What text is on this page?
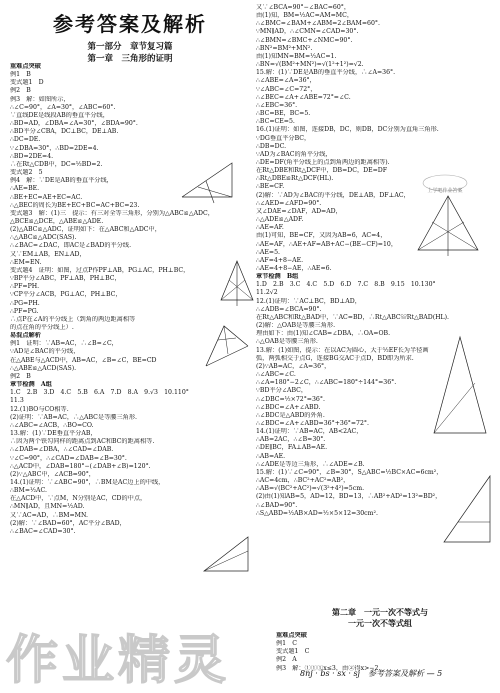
参考答案及解析
第一部分　章节复习篇
第一章　三角形的证明
重难点突破
例1　B
变式题1　D
例2　B
例3　解：如图所示，
∴∠C=90°，∠A=30°，∠ABC=60°.
∵直线DE是线段AB的垂直平分线，
∴BD=AD，∠DBA=∠A=30°，∠BDA=90°.
∴BD平分∠CBA，DC⊥BC，DE⊥AB.
∴DC=DE.
∵∠DBA=30°，∴BD=2DE=4.
∴BD=2DE=4.
∴在Rt△CDB中，DC=½BD=2.
变式题2　5
例4　解：∵DE是AB的垂直平分线，
∴AE=BE.
∴BE+EC=AE+EC=AC.
∴△BEC的周长为BE+EC+BC=AC+BC=23.
变式题3　解：(1)三　提示：有三对全等三角形，分别为△ABC≌△ADC，
△BCE≌△DCE，△ABE≌△ADE.
(2)△ABC≌△ADC，证明如下：在△ABC和△ADC中，
∴△ABC≌△ADC(SAS).
∴∠BAC=∠DAC，即AC是∠BAD的平分线.
又∵EM⊥AB，EN⊥AD，
∴EM=EN.
变式题4　证明：如图，过点P作PF⊥AB，PG⊥AC，PH⊥BC，
∵BP平分∠ABC，PF⊥AB，PH⊥BC，
∴PF=PH.
∵CP平分∠ACB，PG⊥AC，PH⊥BC，
∴PG=PH.
∴PF=PG.
∴点P在∠A的平分线上（到角的两边距离相等
的点在角的平分线上）.
易混点解析
例1　证明：∵AB=AC，∴∠B=∠C，
∵AD是∠BAC的平分线，
在△ABE与△ACD中，AB=AC，∠B=∠C，BE=CD
∴△ABE≌△ACD(SAS).
例2　B
章节检测　A组
1.C　2.B　3.D　4.C　5.B　6.A　7.D　8.A　9.√3　10.110°
11.3
12.(1)BO与CO相等.
(2)证明：∵AB=AC，∴△ABC是等腰三角形.
∴∠ABC=∠ACB，∴BO=CO.
13.解：(1)∵DE垂直平分AB，
∴因为两个铁勾同样的距离点到AC和BC的距离相等.
∴∠DAB=∠DBA，∴∠CAD=∠DAB.
∵∠C=90°，∴∠CAD=∠DAB=∠B=30°.
∴△ACD中，∠DAB=180°−(∠DAB+∠B)=120°.
(2)∵△ABC中，∠ACB=90°，
14.(1)证明：∵∠ABC=90°，∴BM是AC边上的中线，
∴BM=½AC.
在△ACD中，∵点M，N分别是AC，CD的中点，
∴MN∥AD，且MN=½AD.
又∵AC=AD，∴BM=MN.
(2)解：∵∠BAD=60°，AC平分∠BAD，
∴∠BAC=∠CAD=30°.
又∵∠BCA=90°−∠BAC=60°，
由(1)知，BM=½AC=AM=MC，
∴∠BMC=∠BAM+∠ABM=2∠BAM=60°.
∵MN∥AD，∴∠CMN=∠CAD=30°.
∴∠BMN=∠BMC+∠NMC=90°.
∴BN²=BM²+MN².
由(1)知MN=BM=½AC=1.
∴BN=√(BM²+MN²)=√(1²+1²)=√2.
15.解：(1)∵DE是AB的垂直平分线，∴∠A=36°.
∴∠ABE=∠A=36°，
∵∠ABC=∠C=72°，
∴∠BEC=∠A+∠ABE=72°=∠C.
∴∠EBC=36°.
∴BC=BE，BC=5.
∴BC=CE=5.
16.(1)证明：如图，连接DB，DC，则DB，DC分别为直角三角形.
∵DG垂直平分BC，
∴DB=DC.
∵AD为∠BAC的角平分线，
∴DE=DF(角平分线上的点到角两边的距离相等).
在Rt△DBE和Rt△DCF中，DB=DC，DE=DF
∴Rt△DBE≌Rt△DCF(HL).
∴BE=CF.
(2)解：∵AD为∠BAC的平分线，DE⊥AB，DF⊥AC，
∴∠AED=∠AFD=90°.
又∠DAE=∠DAF，AD=AD，
∴△ADE≌△ADF.
∴AE=AF.
由(1)可知，BE=CF，又因为AB=6，AC=4，
∴AE=AF，∴AE+AF=AB+AC−(BE−CF)=10，
∴AE=5.
∴AF=4+8−AE.
∴AE=4+8−AE，∴AE=6.
章节检测　B组
1.D　2.B　3.C　4.C　5.D　6.D　7.C　8.B　9.15　10.130°
11.2√2
12.(1)证明：∵AC⊥BC，BD⊥AD，
∴∠ADB=∠BCA=90°.
在Rt△ABC和Rt△BAD中，∵AC=BD，∴Rt△ABC≌Rt△BAD(HL).
(2)解：△OAB是等腰三角形.
理由如下：由(1)知∠CAB=∠DBA，∴OA=OB.
∴△OAB是等腰三角形.
13.解：(1)如图，提示：在以AC为圆心，大于½EF长为半径画
弧，两弧相交于点G，连接BG交AC于点D，BD即为所求.
(2)∵AB=AC，∠A=36°，
∴∠ABC=∠C.
∴∠A=180°−2∠C，∴∠ABC=180°÷144°=36°.
∵BD平分∠ABC，
∴∠DBC=½×72°=36°.
∴∠BDC=∠A+∠ABD.
∴∠BDC是△ABD的外角.
∴∠BDC=∠A+∠ABD=36°+36°=72°.
14.(1)证明：∵AB=AC，AB<2AC，
∴AB=2AC，∴∠B=30°.
∴DE∥BC，FA⊥AB=AE.
∴AB=AE.
∴∠ADE是等边三角形，∴∠ADE=∠B.
15.解：(1)∵∠C=90°，∠B=30°，S△ABC=½BC×AC=6cm²，
∴AC=4cm，∴BC²+AC²=AB²，
∴AB=√(BC²+AC²)=√(3²+4²)=5cm.
(2)由(1)知AB=5，AD=12，BD=13，∴AB²+AD²=13²=BD²，
∴∠BAD=90°.
∴S△ABD=½AB×AD=½×5×12=30cm².
上学吧作业答案
第二章　一元一次不等式与
一元一次不等式组
重难点突破
例1　C
变式题1　C
例2　A
例3　解：①①①x≤3，由②得x>−2.
作业精灵	8nj · bs · sx · sj　参考答案及解析 — 5
